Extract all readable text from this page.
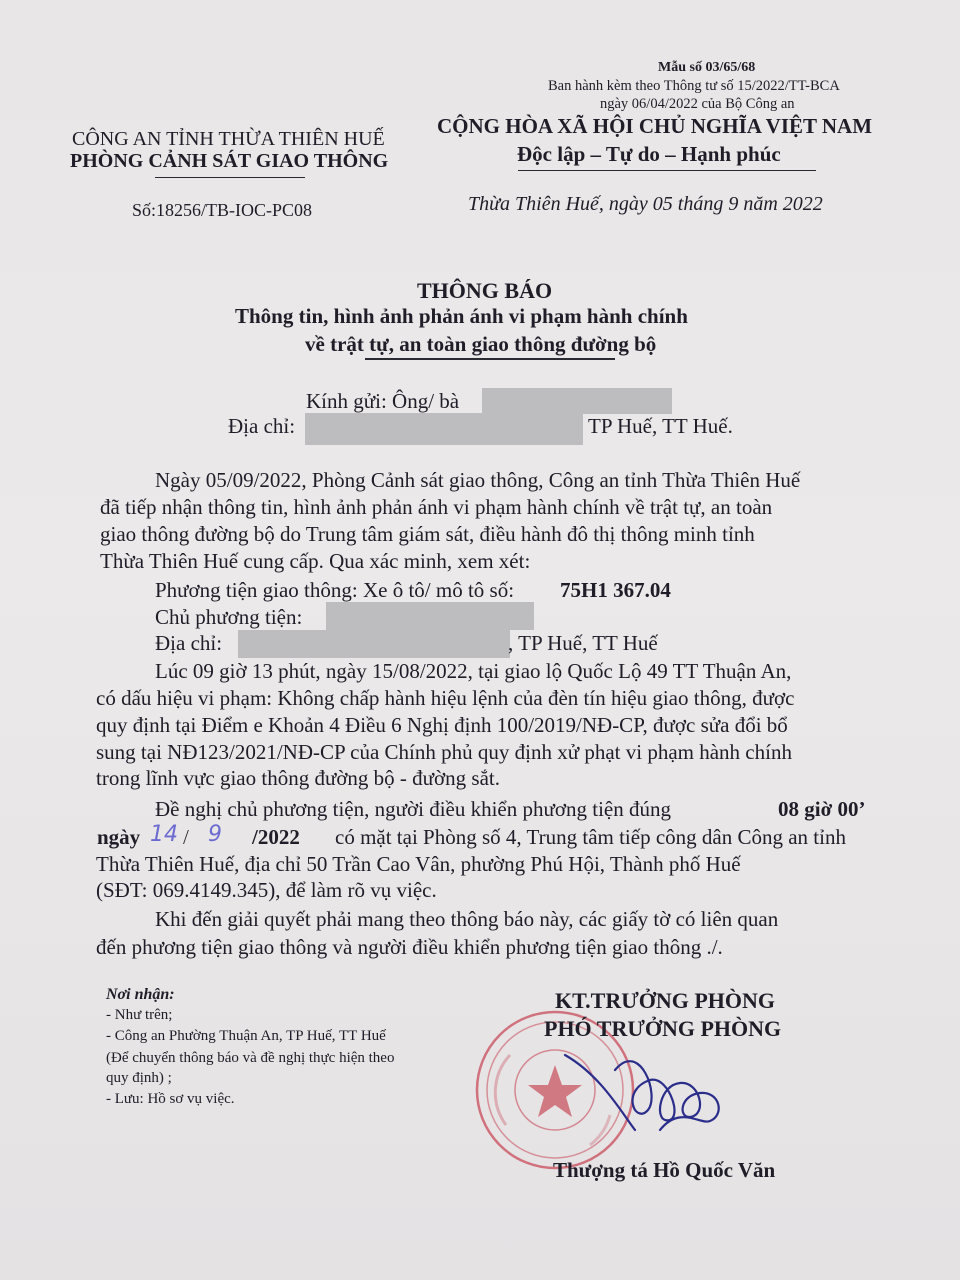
Mẫu số 03/65/68
Ban hành kèm theo Thông tư số 15/2022/TT-BCA
ngày 06/04/2022 của Bộ Công an
CÔNG AN TỈNH THỪA THIÊN HUẾ
PHÒNG CẢNH SÁT GIAO THÔNG
Số:18256/TB-IOC-PC08
CỘNG HÒA XÃ HỘI CHỦ NGHĨA VIỆT NAM
Độc lập – Tự do – Hạnh phúc
Thừa Thiên Huế, ngày 05 tháng 9 năm 2022
THÔNG BÁO
Thông tin, hình ảnh phản ánh vi phạm hành chính
về trật tự, an toàn giao thông đường bộ
Kính gửi: Ông/ bà
Địa chỉ:	TP Huế, TT Huế.
Ngày 05/09/2022, Phòng Cảnh sát giao thông, Công an tỉnh Thừa Thiên Huế
đã tiếp nhận thông tin, hình ảnh phản ánh vi phạm hành chính về trật tự, an toàn
giao thông đường bộ do Trung tâm giám sát, điều hành đô thị thông minh tỉnh
Thừa Thiên Huế cung cấp. Qua xác minh, xem xét:
Phương tiện giao thông: Xe ô tô/ mô tô số: 75H1 367.04
Chủ phương tiện:
Địa chỉ:	, TP Huế, TT Huế
Lúc 09 giờ 13 phút, ngày 15/08/2022, tại giao lộ Quốc Lộ 49 TT Thuận An,
có dấu hiệu vi phạm: Không chấp hành hiệu lệnh của đèn tín hiệu giao thông, được
quy định tại Điểm e Khoản 4 Điều 6 Nghị định 100/2019/NĐ-CP, được sửa đổi bổ
sung tại NĐ123/2021/NĐ-CP của Chính phủ quy định xử phạt vi phạm hành chính
trong lĩnh vực giao thông đường bộ - đường sắt.
Đề nghị chủ phương tiện, người điều khiển phương tiện đúng	08 giờ 00’
ngày 14 / 9 /2022 có mặt tại Phòng số 4, Trung tâm tiếp công dân Công an tỉnh
Thừa Thiên Huế, địa chỉ 50 Trần Cao Vân, phường Phú Hội, Thành phố Huế
(SĐT: 069.4149.345), để làm rõ vụ việc.
Khi đến giải quyết phải mang theo thông báo này, các giấy tờ có liên quan
đến phương tiện giao thông và người điều khiển phương tiện giao thông ./.
Nơi nhận:
- Như trên;
- Công an Phường Thuận An, TP Huế, TT Huế
(Để chuyển thông báo và đề nghị thực hiện theo
quy định) ;
- Lưu: Hồ sơ vụ việc.
KT.TRƯỞNG PHÒNG
PHÓ TRƯỞNG PHÒNG
Thượng tá Hồ Quốc Văn
